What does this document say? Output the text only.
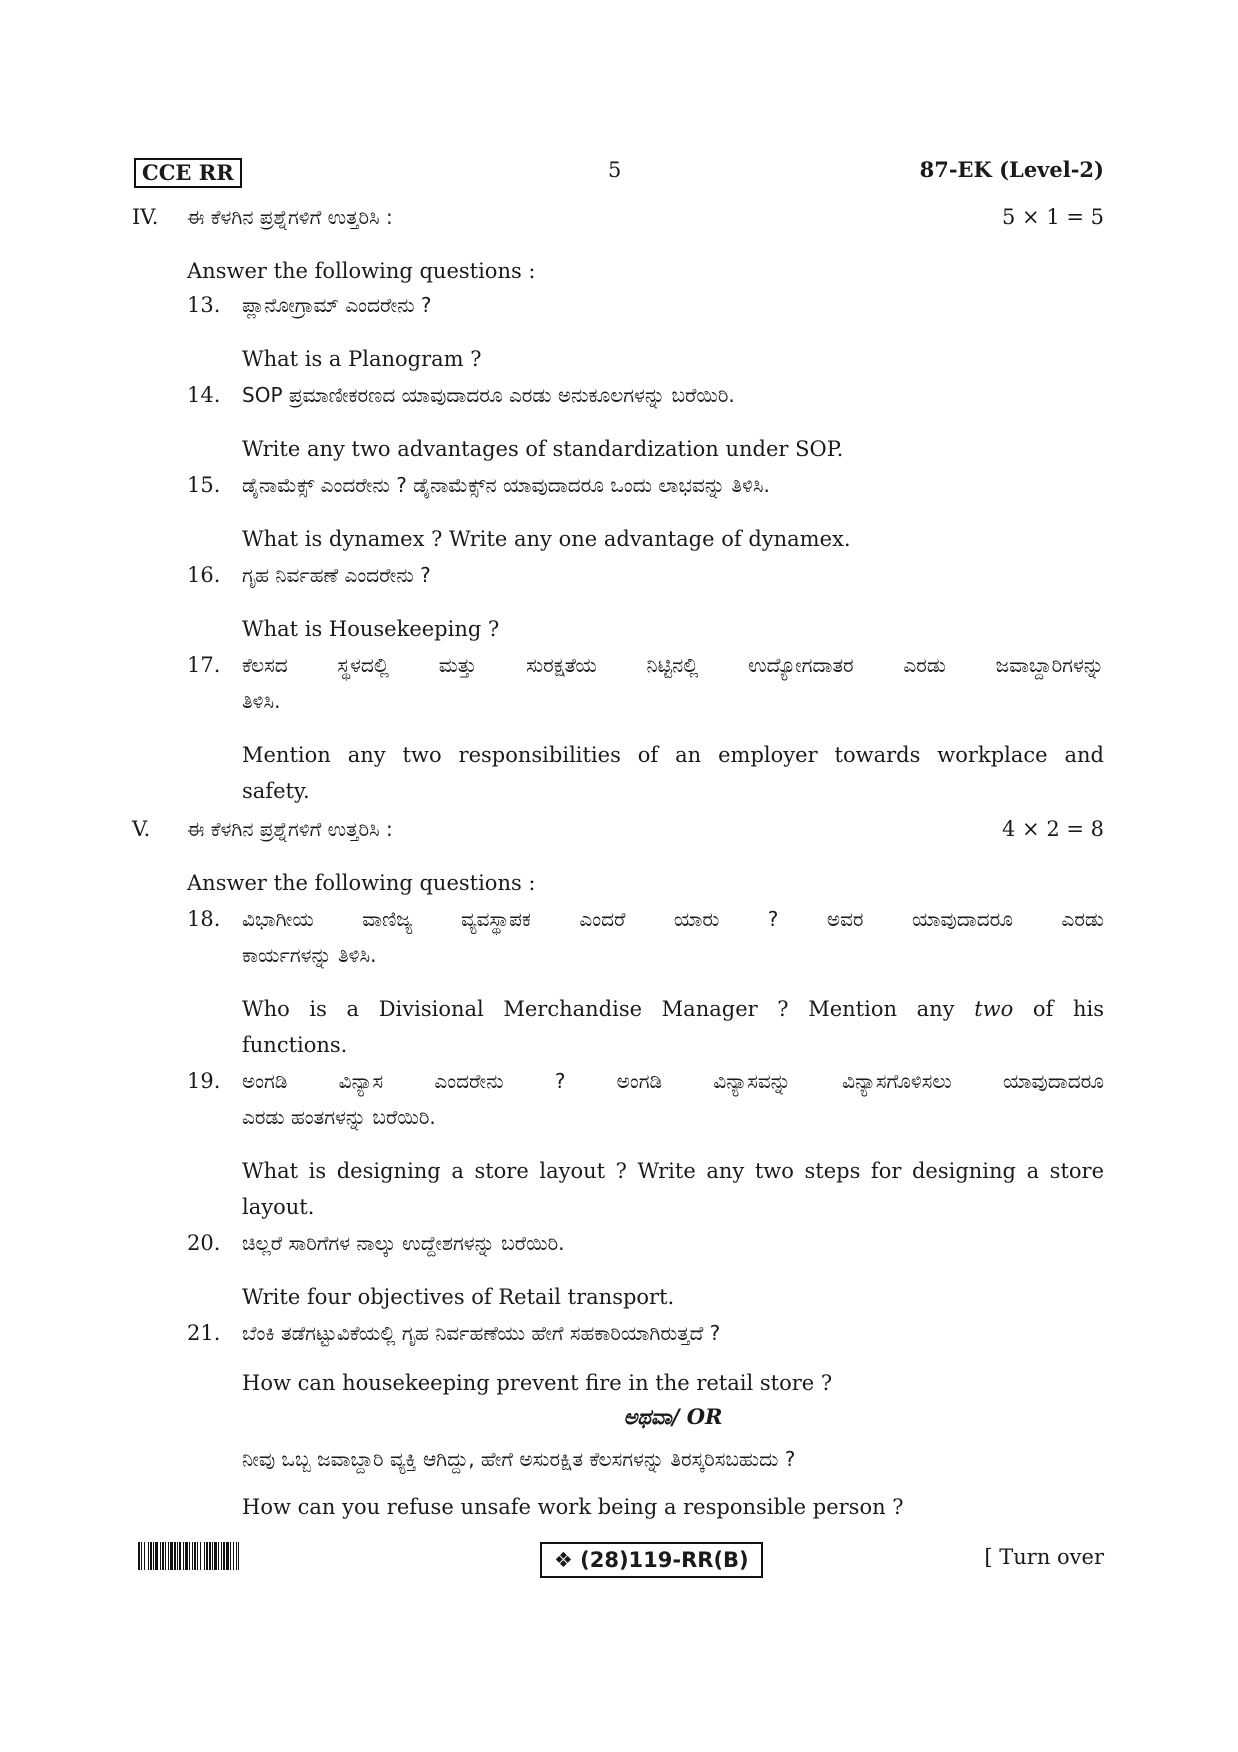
CCE RR	5	87-EK (Level-2)
IV. ಈ ಕೆಳಗಿನ ಪ್ರಶ್ನೆಗಳಿಗೆ ಉತ್ತರಿಸಿ :	5 × 1 = 5
Answer the following questions :
13. ಪ್ಲಾನೋಗ್ರಾಮ್ ಎಂದರೇನು ?
What is a Planogram ?
14. SOP ಪ್ರಮಾಣೀಕರಣದ ಯಾವುದಾದರೂ ಎರಡು ಅನುಕೂಲಗಳನ್ನು ಬರೆಯಿರಿ.
Write any two advantages of standardization under SOP.
15. ಡೈನಾಮೆಕ್ಸ್ ಎಂದರೇನು ? ಡೈನಾಮೆಕ್ಸ್‌ನ ಯಾವುದಾದರೂ ಒಂದು ಲಾಭವನ್ನು ತಿಳಿಸಿ.
What is dynamex ? Write any one advantage of dynamex.
16. ಗೃಹ ನಿರ್ವಹಣೆ ಎಂದರೇನು ?
What is Housekeeping ?
17. ಕೆಲಸದ ಸ್ಥಳದಲ್ಲಿ ಮತ್ತು ಸುರಕ್ಷತೆಯ ನಿಟ್ಟಿನಲ್ಲಿ ಉದ್ಯೋಗದಾತರ ಎರಡು ಜವಾಬ್ದಾರಿಗಳನ್ನು
ತಿಳಿಸಿ.
Mention any two responsibilities of an employer towards workplace and
safety.
V. ಈ ಕೆಳಗಿನ ಪ್ರಶ್ನೆಗಳಿಗೆ ಉತ್ತರಿಸಿ :	4 × 2 = 8
Answer the following questions :
18. ವಿಭಾಗೀಯ ವಾಣಿಜ್ಯ ವ್ಯವಸ್ಥಾಪಕ ಎಂದರೆ ಯಾರು ? ಅವರ ಯಾವುದಾದರೂ ಎರಡು
ಕಾರ್ಯಗಳನ್ನು ತಿಳಿಸಿ.
Who is a Divisional Merchandise Manager ? Mention any two of his
functions.
19. ಅಂಗಡಿ ವಿನ್ಯಾಸ ಎಂದರೇನು ? ಅಂಗಡಿ ವಿನ್ಯಾಸವನ್ನು ವಿನ್ಯಾಸಗೊಳಿಸಲು ಯಾವುದಾದರೂ
ಎರಡು ಹಂತಗಳನ್ನು ಬರೆಯಿರಿ.
What is designing a store layout ? Write any two steps for designing a store
layout.
20. ಚಿಲ್ಲರೆ ಸಾರಿಗೆಗಳ ನಾಲ್ಕು ಉದ್ದೇಶಗಳನ್ನು ಬರೆಯಿರಿ.
Write four objectives of Retail transport.
21. ಬೆಂಕಿ ತಡೆಗಟ್ಟುವಿಕೆಯಲ್ಲಿ ಗೃಹ ನಿರ್ವಹಣೆಯು ಹೇಗೆ ಸಹಕಾರಿಯಾಗಿರುತ್ತದೆ ?
How can housekeeping prevent fire in the retail store ?
ಅಥವಾ/ OR
ನೀವು ಒಬ್ಬ ಜವಾಬ್ದಾರಿ ವ್ಯಕ್ತಿ ಆಗಿದ್ದು, ಹೇಗೆ ಅಸುರಕ್ಷಿತ ಕೆಲಸಗಳನ್ನು ತಿರಸ್ಕರಿಸಬಹುದು ?
How can you refuse unsafe work being a responsible person ?
❖ (28)119-RR(B)	[ Turn over
